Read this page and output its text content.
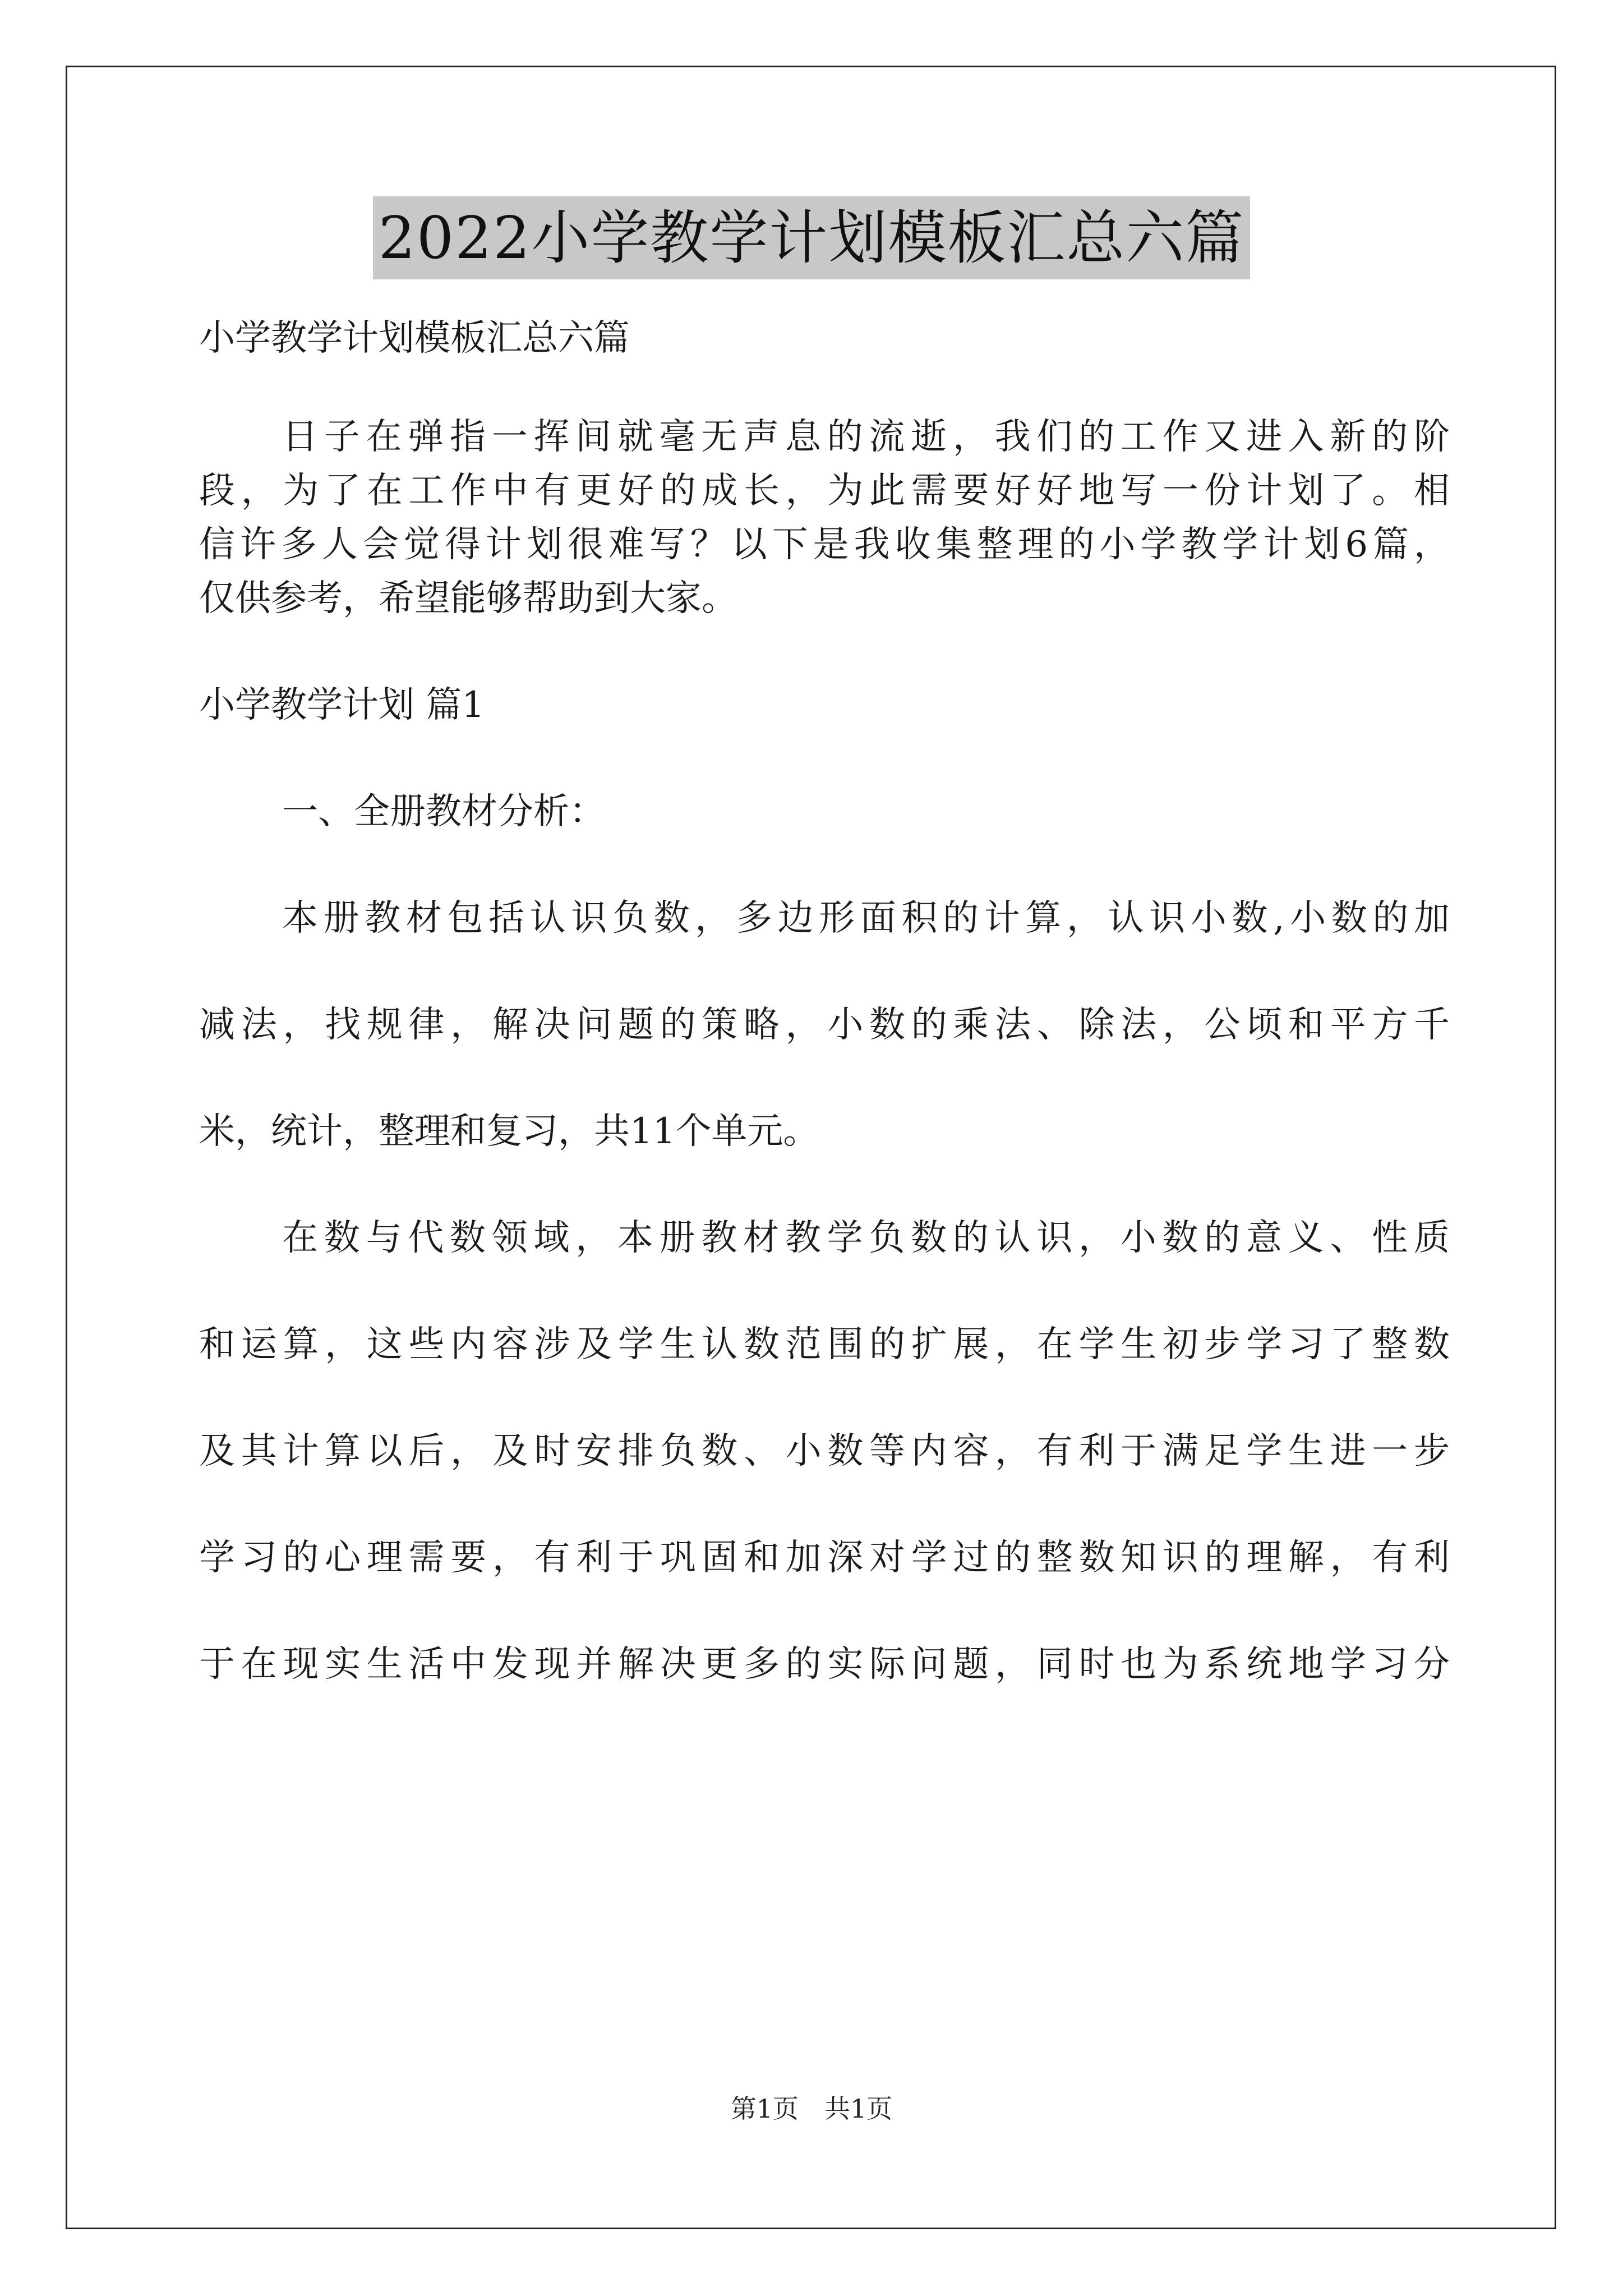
2022小学教学计划模板汇总六篇
小学教学计划模板汇总六篇
日子在弹指一挥间就毫无声息的流逝，我们的工作又进入新的阶
段，为了在工作中有更好的成长，为此需要好好地写一份计划了。相
信许多人会觉得计划很难写？以下是我收集整理的小学教学计划6篇，
仅供参考，希望能够帮助到大家。
小学教学计划 篇1
一、全册教材分析：
本册教材包括认识负数，多边形面积的计算，认识小数,小数的加
减法，找规律，解决问题的策略，小数的乘法、除法，公顷和平方千
米，统计，整理和复习，共11个单元。
在数与代数领域，本册教材教学负数的认识，小数的意义、性质
和运算，这些内容涉及学生认数范围的扩展，在学生初步学习了整数
及其计算以后，及时安排负数、小数等内容，有利于满足学生进一步
学习的心理需要，有利于巩固和加深对学过的整数知识的理解，有利
于在现实生活中发现并解决更多的实际问题，同时也为系统地学习分
第1页　共1页
